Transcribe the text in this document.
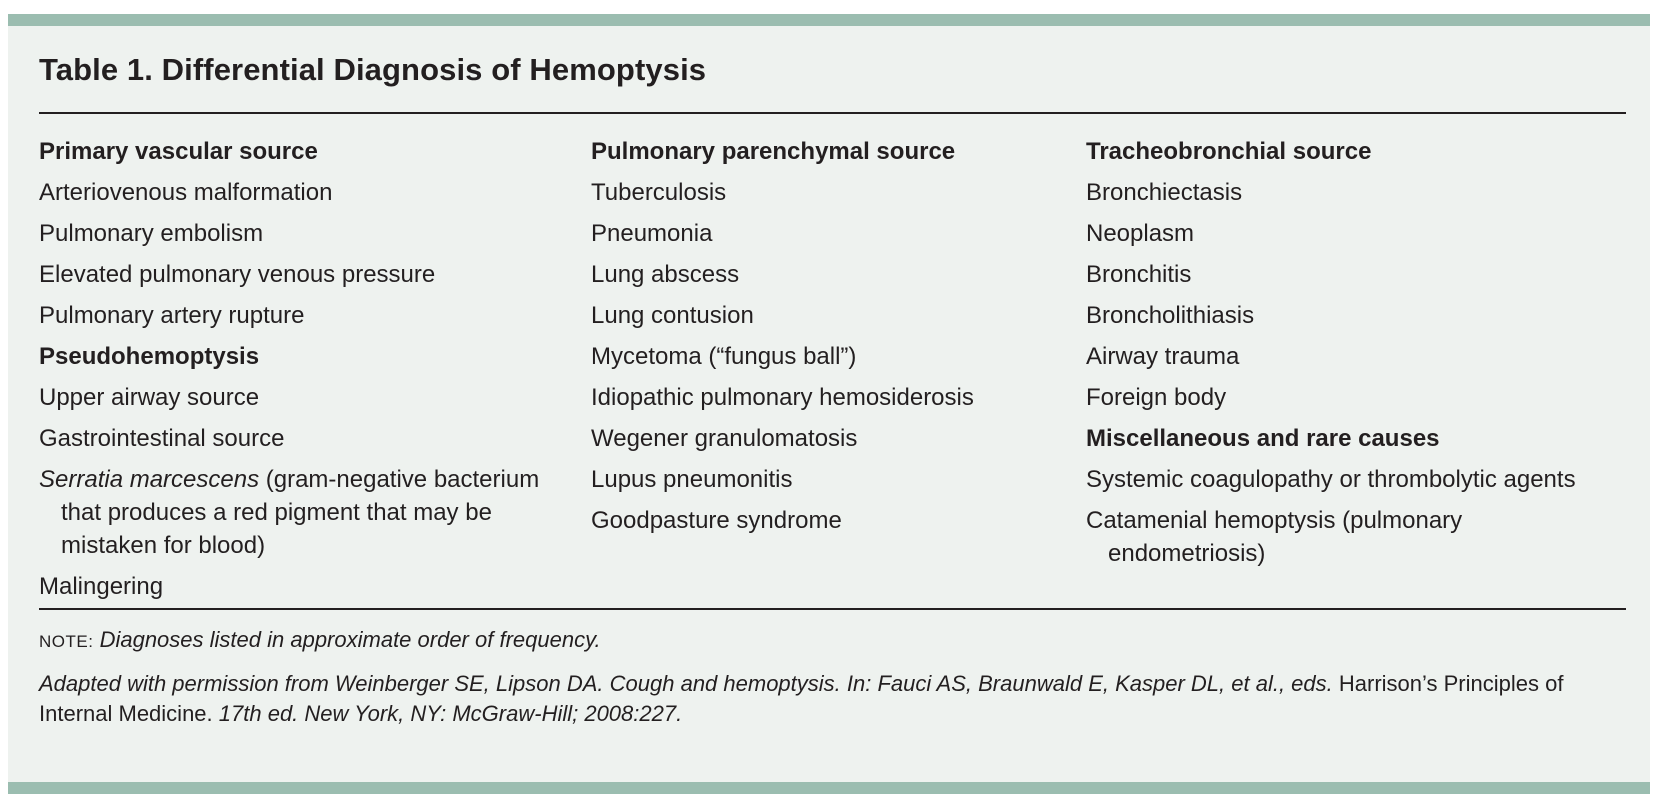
Table 1. Differential Diagnosis of Hemoptysis

Primary vascular source

Arteriovenous malformation

Pulmonary embolism

Elevated pulmonary venous pressure

Pulmonary artery rupture

Pseudohemoptysis

Upper airway source

Gastrointestinal source

Serratia marcescens (gram-negative bacterium that produces a red pigment that may be mistaken for blood)

Malingering

Pulmonary parenchymal source

Tuberculosis

Pneumonia

Lung abscess

Lung contusion

Mycetoma (“fungus ball”)

Idiopathic pulmonary hemosiderosis

Wegener granulomatosis

Lupus pneumonitis

Goodpasture syndrome

Tracheobronchial source

Bronchiectasis

Neoplasm

Bronchitis

Broncholithiasis

Airway trauma

Foreign body

Miscellaneous and rare causes

Systemic coagulopathy or thrombolytic agents

Catamenial hemoptysis (pulmonary endometriosis)

NOTE: Diagnoses listed in approximate order of frequency.

Adapted with permission from Weinberger SE, Lipson DA. Cough and hemoptysis. In: Fauci AS, Braunwald E, Kasper DL, et al., eds. Harrison’s Principles of Internal Medicine. 17th ed. New York, NY: McGraw-Hill; 2008:227.
